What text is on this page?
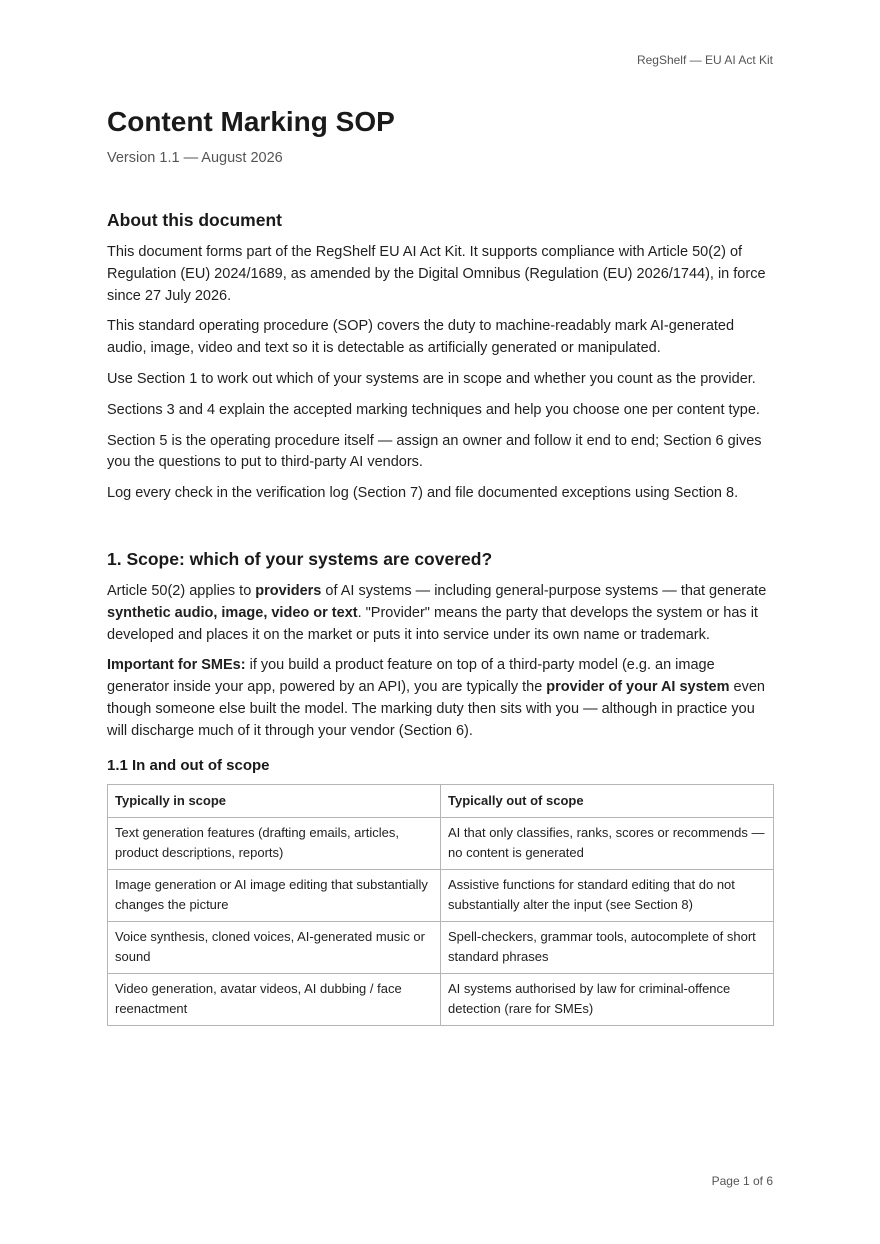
RegShelf — EU AI Act Kit
Content Marking SOP
Version 1.1 — August 2026
About this document

This document forms part of the RegShelf EU AI Act Kit. It supports compliance with Article 50(2) of Regulation (EU) 2024/1689, as amended by the Digital Omnibus (Regulation (EU) 2026/1744), in force since 27 July 2026.

This standard operating procedure (SOP) covers the duty to machine-readably mark AI-generated audio, image, video and text so it is detectable as artificially generated or manipulated.

Use Section 1 to work out which of your systems are in scope and whether you count as the provider.

Sections 3 and 4 explain the accepted marking techniques and help you choose one per content type.

Section 5 is the operating procedure itself — assign an owner and follow it end to end; Section 6 gives you the questions to put to third-party AI vendors.

Log every check in the verification log (Section 7) and file documented exceptions using Section 8.

1. Scope: which of your systems are covered?

Article 50(2) applies to providers of AI systems — including general-purpose systems — that generate synthetic audio, image, video or text. "Provider" means the party that develops the system or has it developed and places it on the market or puts it into service under its own name or trademark.

Important for SMEs: if you build a product feature on top of a third-party model (e.g. an image generator inside your app, powered by an API), you are typically the provider of your AI system even though someone else built the model. The marking duty then sits with you — although in practice you will discharge much of it through your vendor (Section 6).

1.1 In and out of scope
Typically in scope	Typically out of scope
Text generation features (drafting emails, articles, product descriptions, reports)	AI that only classifies, ranks, scores or recommends — no content is generated
Image generation or AI image editing that substantially changes the picture	Assistive functions for standard editing that do not substantially alter the input (see Section 8)
Voice synthesis, cloned voices, AI-generated music or sound	Spell-checkers, grammar tools, autocomplete of short standard phrases
Video generation, avatar videos, AI dubbing / face reenactment	AI systems authorised by law for criminal-offence detection (rare for SMEs)
Page 1 of 6
